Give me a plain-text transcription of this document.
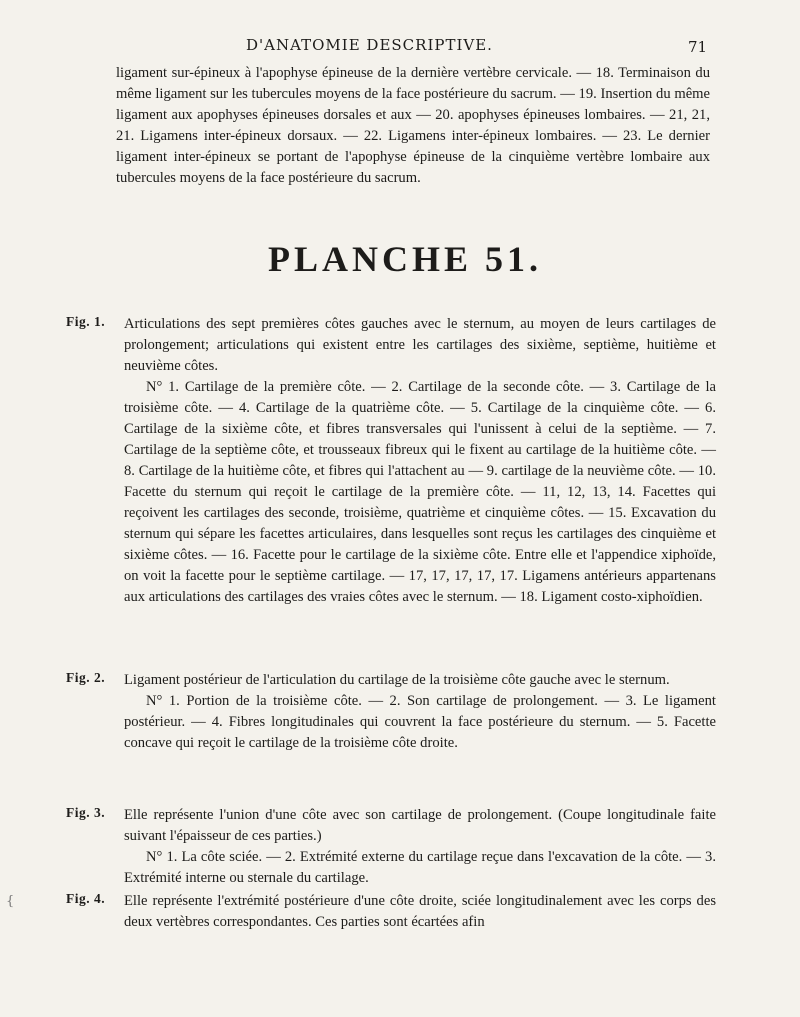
D'ANATOMIE DESCRIPTIVE.	71
ligament sur-épineux à l'apophyse épineuse de la dernière vertèbre cervicale. — 18. Terminaison du même ligament sur les tubercules moyens de la face postérieure du sacrum. — 19. Insertion du même ligament aux apophyses épineuses dorsales et aux — 20. apophyses épineuses lombaires. — 21, 21, 21. Ligamens inter-épineux dorsaux. — 22. Ligamens inter-épineux lombaires. — 23. Le dernier ligament inter-épineux se portant de l'apophyse épineuse de la cinquième vertèbre lombaire aux tubercules moyens de la face postérieure du sacrum.
PLANCHE 51.
Fig. 1. Articulations des sept premières côtes gauches avec le sternum, au moyen de leurs cartilages de prolongement; articulations qui existent entre les cartilages des sixième, septième, huitième et neuvième côtes.
N° 1. Cartilage de la première côte. — 2. Cartilage de la seconde côte. — 3. Cartilage de la troisième côte. — 4. Cartilage de la quatrième côte. — 5. Cartilage de la cinquième côte. — 6. Cartilage de la sixième côte, et fibres transversales qui l'unissent à celui de la septième. — 7. Cartilage de la septième côte, et trousseaux fibreux qui le fixent au cartilage de la huitième côte. — 8. Cartilage de la huitième côte, et fibres qui l'attachent au — 9. cartilage de la neuvième côte. — 10. Facette du sternum qui reçoit le cartilage de la première côte. — 11, 12, 13, 14. Facettes qui reçoivent les cartilages des seconde, troisième, quatrième et cinquième côtes. — 15. Excavation du sternum qui sépare les facettes articulaires, dans lesquelles sont reçus les cartilages des cinquième et sixième côtes. — 16. Facette pour le cartilage de la sixième côte. Entre elle et l'appendice xiphoïde, on voit la facette pour le septième cartilage. — 17, 17, 17, 17, 17. Ligamens antérieurs appartenans aux articulations des cartilages des vraies côtes avec le sternum. — 18. Ligament costo-xiphoïdien.
Fig. 2. Ligament postérieur de l'articulation du cartilage de la troisième côte gauche avec le sternum.
N° 1. Portion de la troisième côte. — 2. Son cartilage de prolongement. — 3. Le ligament postérieur. — 4. Fibres longitudinales qui couvrent la face postérieure du sternum. — 5. Facette concave qui reçoit le cartilage de la troisième côte droite.
Fig. 3. Elle représente l'union d'une côte avec son cartilage de prolongement. (Coupe longitudinale faite suivant l'épaisseur de ces parties.)
N° 1. La côte sciée. — 2. Extrémité externe du cartilage reçue dans l'excavation de la côte. — 3. Extrémité interne ou sternale du cartilage.
Fig. 4. Elle représente l'extrémité postérieure d'une côte droite, sciée longitudinalement avec les corps des deux vertèbres correspondantes. Ces parties sont écartées afin
{
